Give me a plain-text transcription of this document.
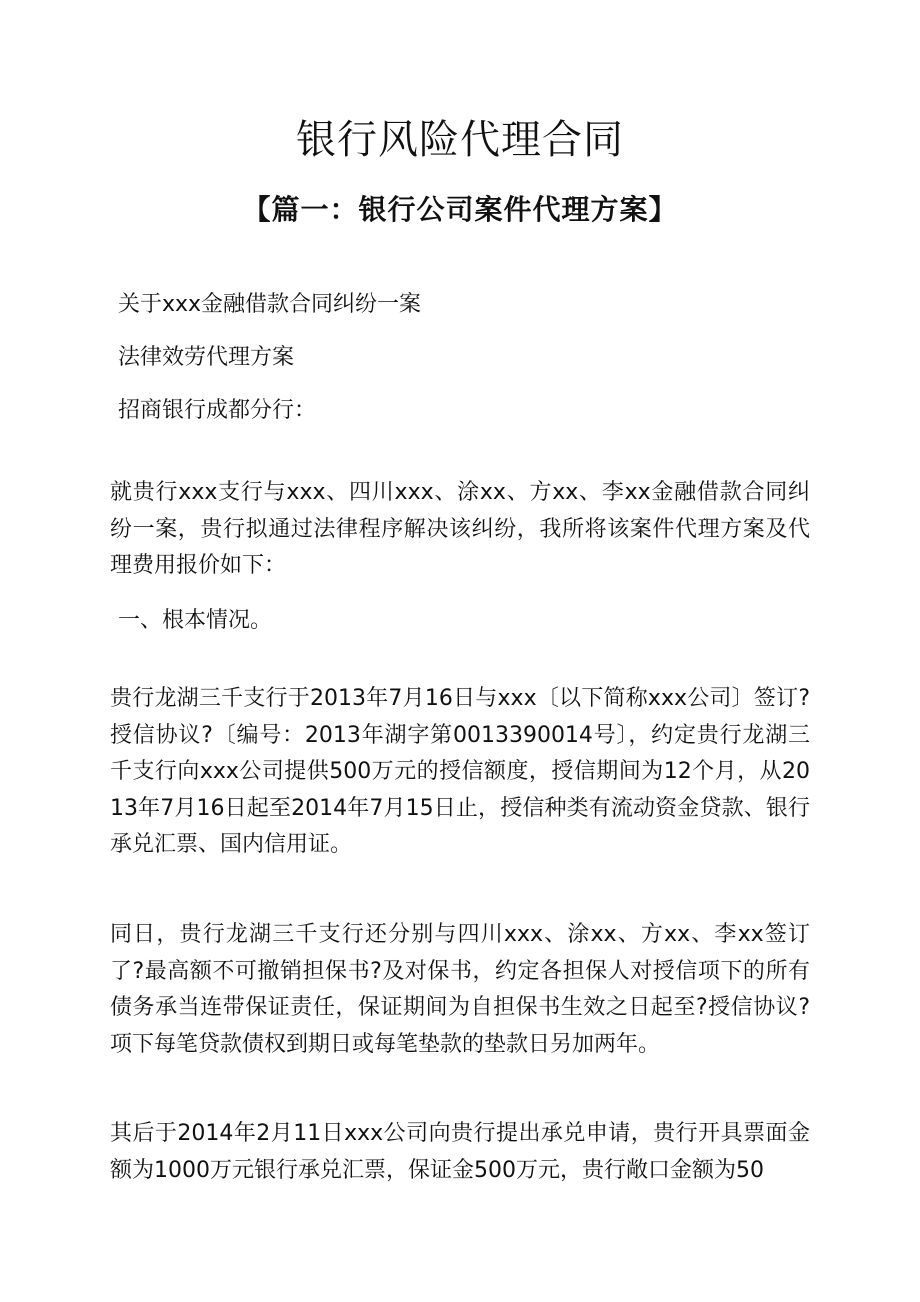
银行风险代理合同
【篇一：银行公司案件代理方案】

关于xxx金融借款合同纠纷一案

法律效劳代理方案

招商银行成都分行：

就贵行xxx支行与xxx、四川xxx、涂xx、方xx、李xx金融借款合同纠纷一案，贵行拟通过法律程序解决该纠纷，我所将该案件代理方案及代理费用报价如下：

一、根本情况。

贵行龙湖三千支行于2013年7月16日与xxx〔以下简称xxx公司〕签订?授信协议?〔编号：2013年湖字第0013390014号〕，约定贵行龙湖三千支行向xxx公司提供500万元的授信额度，授信期间为12个月，从2013年7月16日起至2014年7月15日止，授信种类有流动资金贷款、银行承兑汇票、国内信用证。

同日，贵行龙湖三千支行还分别与四川xxx、涂xx、方xx、李xx签订了?最高额不可撤销担保书?及对保书，约定各担保人对授信项下的所有债务承当连带保证责任，保证期间为自担保书生效之日起至?授信协议?项下每笔贷款债权到期日或每笔垫款的垫款日另加两年。

其后于2014年2月11日xxx公司向贵行提出承兑申请，贵行开具票面金额为1000万元银行承兑汇票，保证金500万元，贵行敞口金额为50
